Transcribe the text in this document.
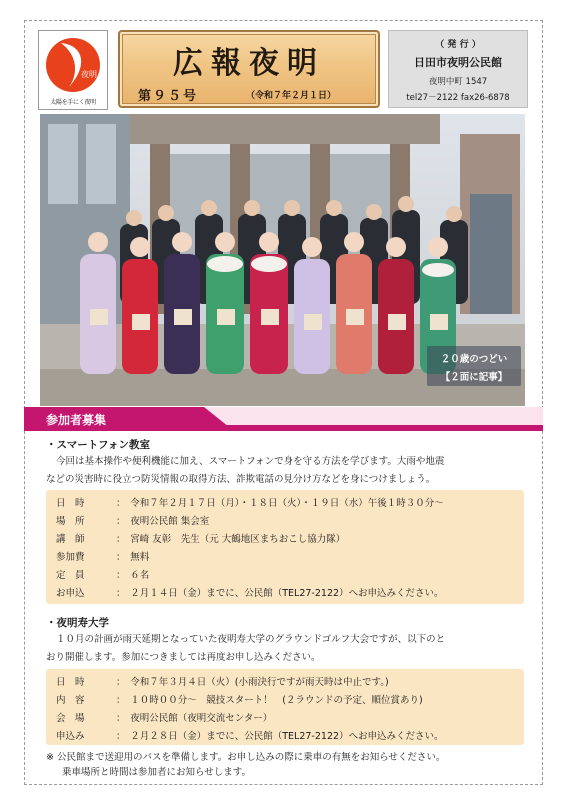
夜明
太陽を手にく夜明
広報夜明
第９５号	（令和７年２月１日）
（ 発 行 ）
日田市夜明公民館
夜明中町 1547
tel27－2122 fax26-6878
２０歳のつどい
【２面に記事】
参加者募集
・スマートフォン教室
今回は基本操作や便利機能に加え、スマートフォンで身を守る方法を学びます。大雨や地震
などの災害時に役立つ防災情報の取得方法、詐欺電話の見分け方などを身につけましょう。
日　時	：　令和７年２月１７日（月）・１８日（火）・１９日（水）午後１時３０分～
場　所	：　夜明公民館 集会室
講　師	：　宮崎 友彰　先生（元 大鶴地区まちおこし協力隊）
参加費	：　無料
定　員	：　６名
お申込	：　２月１４日（金）までに、公民館（TEL27-2122）へお申込みください。
・夜明寿大学
１０月の計画が雨天延期となっていた夜明寿大学のグラウンドゴルフ大会ですが、以下のと
おり開催します。参加につきましては再度お申し込みください。
日　時	：　令和７年３月４日（火）(小雨決行ですが雨天時は中止です。)
内　容	：　１０時００分～　競技スタート！　(２ラウンドの予定、順位賞あり)
会　場	：　夜明公民館（夜明交流センター）
申込み	：　２月２８日（金）までに、公民館（TEL27-2122）へお申込みください。
※ 公民館まで送迎用のバスを準備します。お申し込みの際に乗車の有無をお知らせください。
乗車場所と時間は参加者にお知らせします。
